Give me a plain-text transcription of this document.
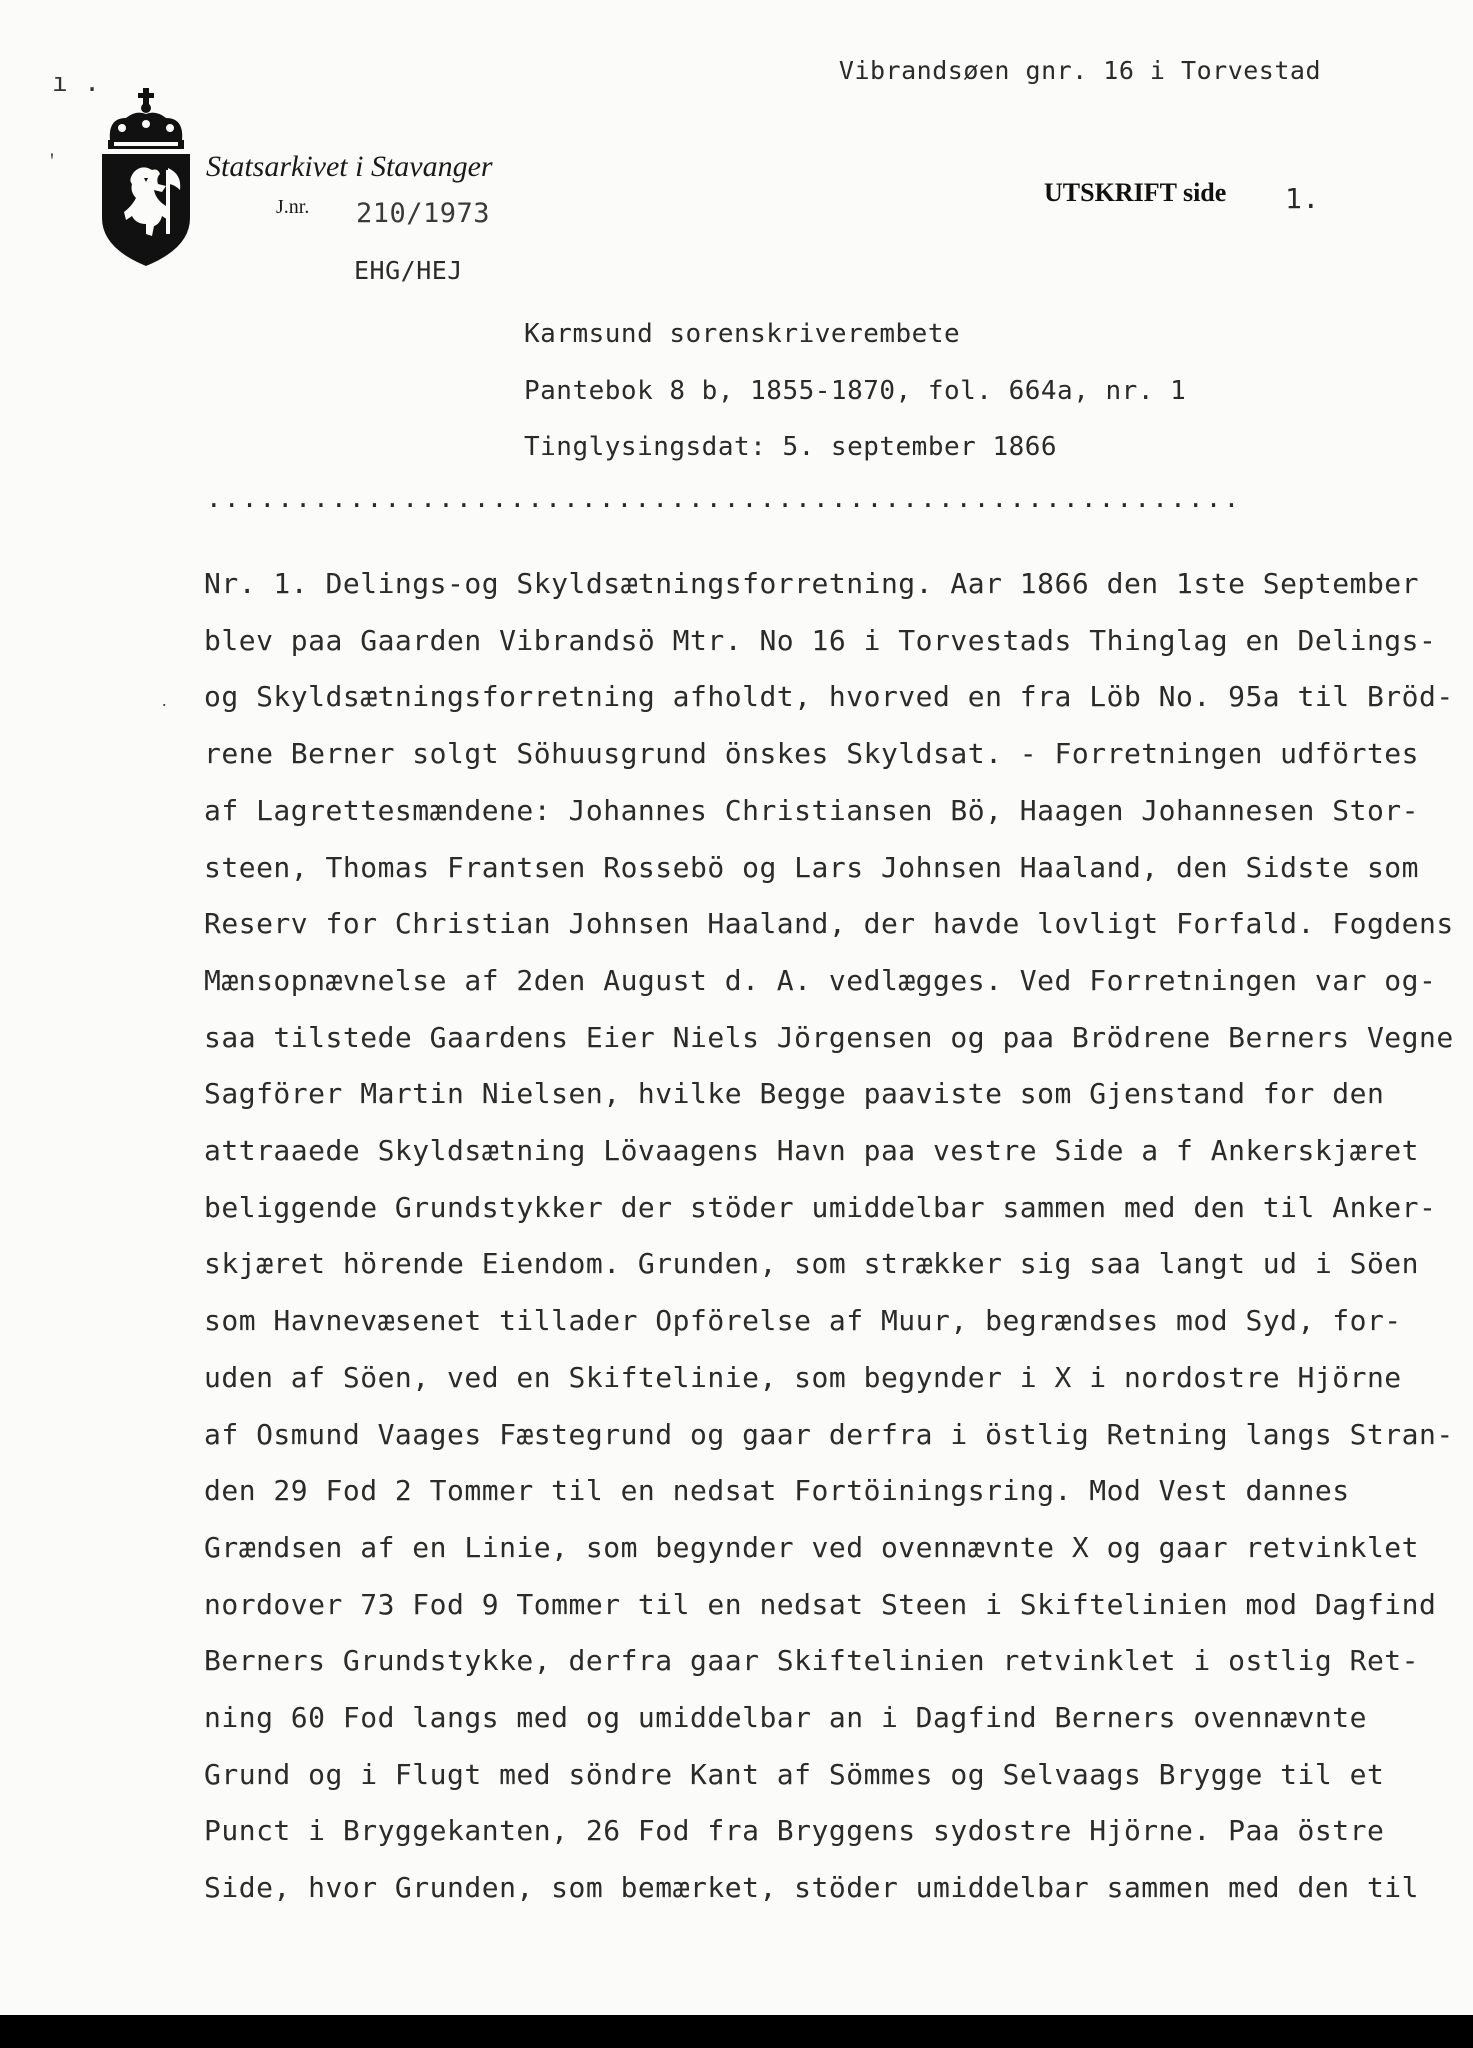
ı .
'
Vibrandsøen gnr. 16 i Torvestad
Statsarkivet i Stavanger
J.nr. 210/1973
EHG/HEJ
UTSKRIFT side 1.
Karmsund sorenskriverembete
Pantebok 8 b, 1855-1870, fol. 664a, nr. 1
Tinglysingsdat: 5. september 1866
..........................................................
Nr. 1. Delings-og Skyldsætningsforretning. Aar 1866 den 1ste September
blev paa Gaarden Vibrandsö Mtr. No 16 i Torvestads Thinglag en Delings-
og Skyldsætningsforretning afholdt, hvorved en fra Löb No. 95a til Bröd-
rene Berner solgt Söhuusgrund önskes Skyldsat. - Forretningen udförtes
af Lagrettesmændene: Johannes Christiansen Bö, Haagen Johannesen Stor-
steen, Thomas Frantsen Rossebö og Lars Johnsen Haaland, den Sidste som
Reserv for Christian Johnsen Haaland, der havde lovligt Forfald. Fogdens
Mænsopnævnelse af 2den August d. A. vedlægges. Ved Forretningen var og-
saa tilstede Gaardens Eier Niels Jörgensen og paa Brödrene Berners Vegne
Sagförer Martin Nielsen, hvilke Begge paaviste som Gjenstand for den
attraaede Skyldsætning Lövaagens Havn paa vestre Side a f Ankerskjæret
beliggende Grundstykker der stöder umiddelbar sammen med den til Anker-
skjæret hörende Eiendom. Grunden, som strækker sig saa langt ud i Söen
som Havnevæsenet tillader Opförelse af Muur, begrændses mod Syd, for-
uden af Söen, ved en Skiftelinie, som begynder i X i nordostre Hjörne
af Osmund Vaages Fæstegrund og gaar derfra i östlig Retning langs Stran-
den 29 Fod 2 Tommer til en nedsat Fortöiningsring. Mod Vest dannes
Grændsen af en Linie, som begynder ved ovennævnte X og gaar retvinklet
nordover 73 Fod 9 Tommer til en nedsat Steen i Skiftelinien mod Dagfind
Berners Grundstykke, derfra gaar Skiftelinien retvinklet i ostlig Ret-
ning 60 Fod langs med og umiddelbar an i Dagfind Berners ovennævnte
Grund og i Flugt med söndre Kant af Sömmes og Selvaags Brygge til et
Punct i Bryggekanten, 26 Fod fra Bryggens sydostre Hjörne. Paa östre
Side, hvor Grunden, som bemærket, stöder umiddelbar sammen med den til
.
